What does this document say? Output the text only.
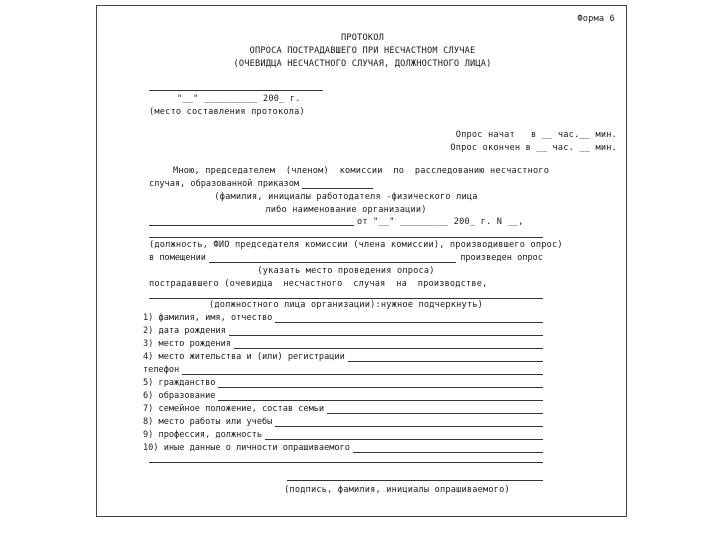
Форма 6
ПРОТОКОЛ
ОПРОСА ПОСТРАДАВШЕГО ПРИ НЕСЧАСТНОМ СЛУЧАЕ
(ОЧЕВИДЦА НЕСЧАСТНОГО СЛУЧАЯ, ДОЛЖНОСТНОГО ЛИЦА)
"__" __________ 200_ г.
(место составления протокола)
Опрос начат   в __ час.__ мин.
Опрос окончен в __ час. __ мин.
Мною, председателем  (членом)  комиссии  по  расследованию несчастного
случая, образованной приказом
(фамилия, инициалы работодателя -физического лица
либо наименование организации)
от "__" _________ 200_ г. N __,
(должность, ФИО председателя комиссии (члена комиссии), производившего опрос)
в помещении	произведен опрос
(указать место проведения опроса)
пострадавшего (очевидца  несчастного  случая  на  производстве,
(должностного лица организации):нужное подчеркнуть)
1) фамилия, имя, отчество
2) дата рождения
3) место рождения
4) место жительства и (или) регистрации
телефон
5) гражданство
6) образование
7) семейное положение, состав семьи
8) место работы или учебы
9) профессия, должность
10) иные данные о личности опрашиваемого
(подпись, фамилия, инициалы опрашиваемого)
